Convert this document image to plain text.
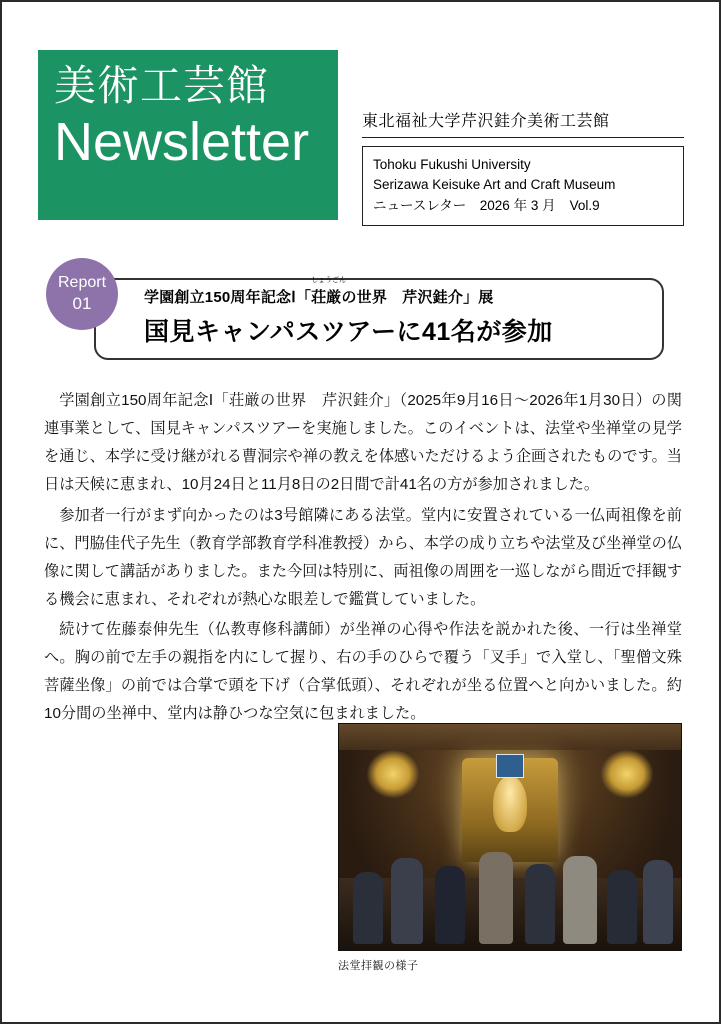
美術工芸館
Newsletter	東北福祉大学芹沢銈介美術工芸館
Tohoku Fukushi University
Serizawa Keisuke Art and Craft Museum
ニュースレター　2026 年 3 月 Vol.9
Report
01	学園創立150周年記念Ⅰ「
しょうごん
荘厳の世界　芹沢銈介」展
国見キャンパスツアーに41名が参加

学園創立150周年記念Ⅰ「荘厳の世界　芹沢銈介」（2025年9月16日〜2026年1月30日）の関連事業として、国見キャンパスツアーを実施しました。このイベントは、法堂や坐禅堂の見学を通じ、本学に受け継がれる曹洞宗や禅の教えを体感いただけるよう企画されたものです。当日は天候に恵まれ、10月24日と11月8日の2日間で計41名の方が参加されました。

参加者一行がまず向かったのは3号館隣にある法堂。堂内に安置されている一仏両祖像を前に、門脇佳代子先生（教育学部教育学科准教授）から、本学の成り立ちや法堂及び坐禅堂の仏像に関して講話がありました。また今回は特別に、両祖像の周囲を一巡しながら間近で拝観する機会に恵まれ、それぞれが熱心な眼差しで鑑賞していました。

続けて佐藤泰伸先生（仏教専修科講師）が坐禅の心得や作法を説かれた後、一行は坐禅堂へ。胸の前で左手の親指を内にして握り、右の手のひらで覆う「叉手」で入堂し、「聖僧文殊菩薩坐像」の前では合掌で頭を下げ（合掌低頭）、それぞれが坐る位置へと向かいました。約10分間の坐禅中、堂内は静ひつな空気に包まれました。

法堂拝観の様子
